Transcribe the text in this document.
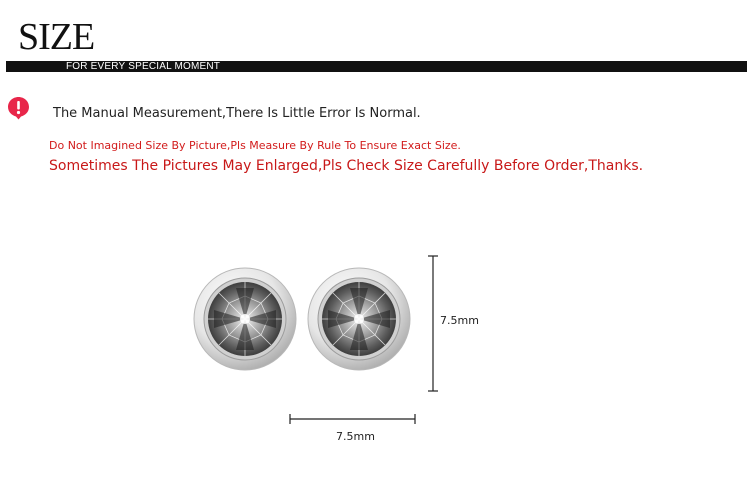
SIZE
FOR EVERY SPECIAL MOMENT
The Manual Measurement,There Is Little Error Is Normal.
Do Not Imagined Size By Picture,Pls Measure By Rule To Ensure Exact Size.
Sometimes The Pictures May Enlarged,Pls Check Size Carefully Before Order,Thanks.
7.5mm
7.5mm
